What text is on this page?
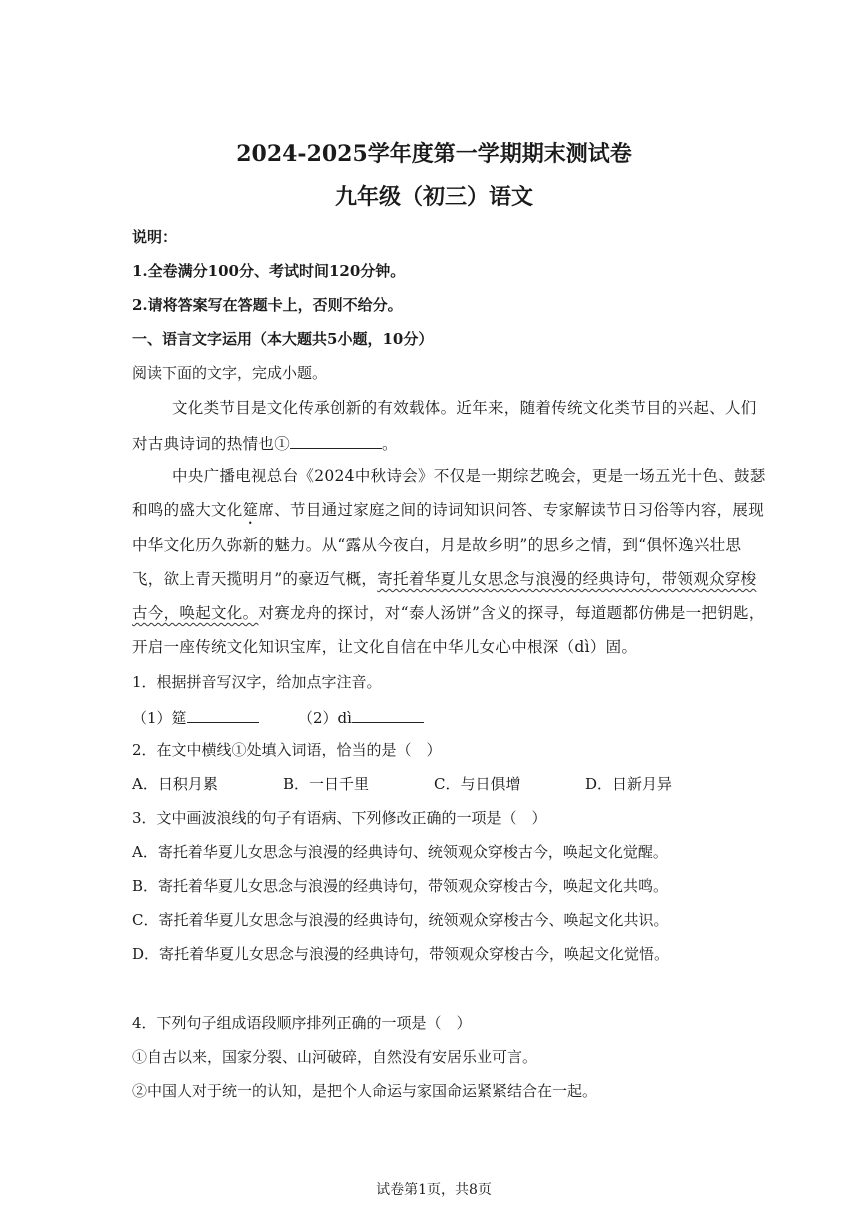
2024-2025学年度第一学期期末测试卷
九年级（初三）语文
说明：
1.全卷满分100分、考试时间120分钟。
2.请将答案写在答题卡上，否则不给分。
一、语言文字运用（本大题共5小题，10分）
阅读下面的文字，完成小题。
文化类节目是文化传承创新的有效载体。近年来，随着传统文化类节目的兴起、人们
对古典诗词的热情也①	。
中央广播电视总台《2024中秋诗会》不仅是一期综艺晚会，更是一场五光十色、鼓瑟
和鸣的盛大文化筵席、节目通过家庭之间的诗词知识问答、专家解读节日习俗等内容，展现
中华文化历久弥新的魅力。从“露从今夜白，月是故乡明”的思乡之情，到“俱怀逸兴壮思
飞，欲上青天揽明月”的豪迈气概，寄托着华夏儿女思念与浪漫的经典诗句，带领观众穿梭
古今，唤起文化。对赛龙舟的探讨，对“泰人汤饼”含义的探寻，每道题都仿佛是一把钥匙，
开启一座传统文化知识宝库，让文化自信在中华儿女心中根深（dì）固。
1．根据拼音写汉字，给加点字注音。
（1）筵	（2）dì
2．在文中横线①处填入词语，恰当的是（　）
A．日积月累	B．一日千里	C．与日俱增	D．日新月异
3．文中画波浪线的句子有语病、下列修改正确的一项是（　）
A．寄托着华夏儿女思念与浪漫的经典诗句、统领观众穿梭古今，唤起文化觉醒。
B．寄托着华夏儿女思念与浪漫的经典诗句，带领观众穿梭古今，唤起文化共鸣。
C．寄托着华夏儿女思念与浪漫的经典诗句，统领观众穿梭古今、唤起文化共识。
D．寄托着华夏儿女思念与浪漫的经典诗句，带领观众穿梭古今，唤起文化觉悟。
4．下列句子组成语段顺序排列正确的一项是（　）
①自古以来，国家分裂、山河破碎，自然没有安居乐业可言。
②中国人对于统一的认知，是把个人命运与家国命运紧紧结合在一起。
试卷第1页，共8页
